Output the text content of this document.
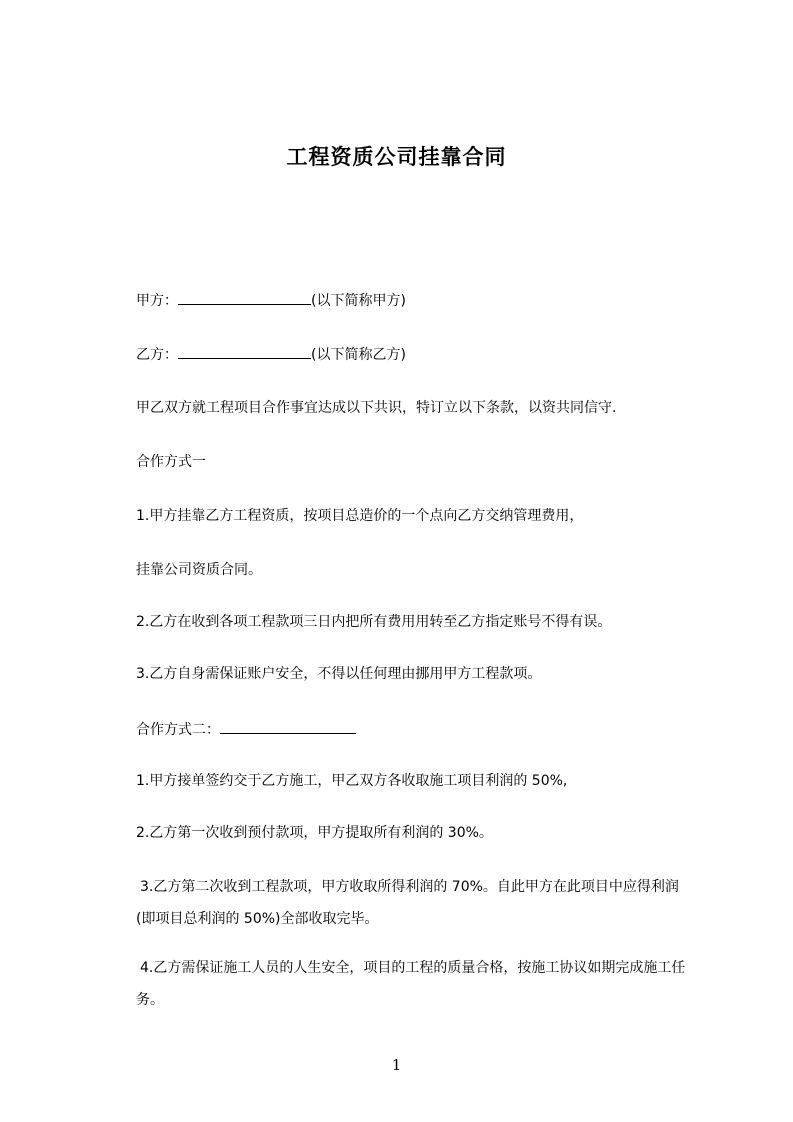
工程资质公司挂靠合同
甲方：	(以下简称甲方)
乙方：	(以下简称乙方)
甲乙双方就工程项目合作事宜达成以下共识，特订立以下条款，以资共同信守.
合作方式一
1.甲方挂靠乙方工程资质，按项目总造价的一个点向乙方交纳管理费用，
挂靠公司资质合同。
2.乙方在收到各项工程款项三日内把所有费用用转至乙方指定账号不得有误。
3.乙方自身需保证账户安全，不得以任何理由挪用甲方工程款项。
合作方式二：
1.甲方接单签约交于乙方施工，甲乙双方各收取施工项目利润的 50%,
2.乙方第一次收到预付款项，甲方提取所有利润的 30%。
3.乙方第二次收到工程款项，甲方收取所得利润的 70%。自此甲方在此项目中应得利润(即项目总利润的 50%)全部收取完毕。
4.乙方需保证施工人员的人生安全，项目的工程的质量合格，按施工协议如期完成施工任务。
1
